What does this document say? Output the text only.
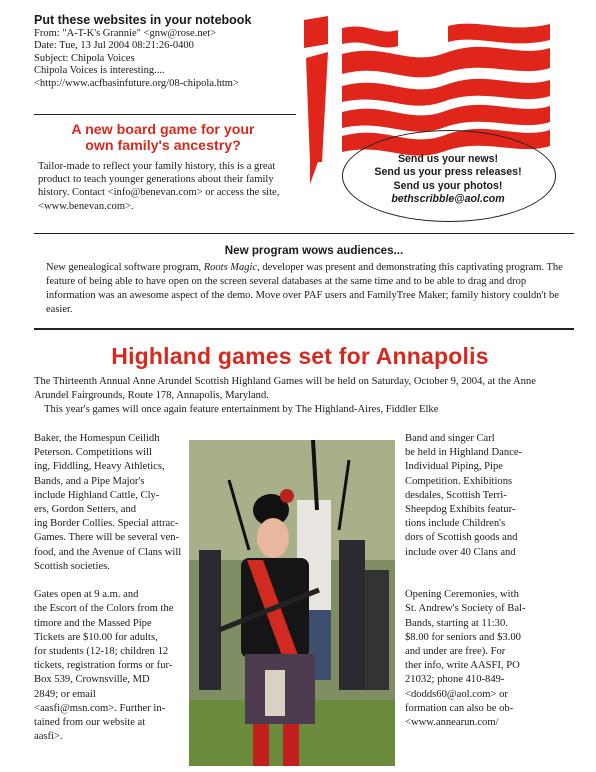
Put these websites in your notebook
From: "A-T-K's Grannie" <gnw@rose.net>
Date: Tue, 13 Jul 2004 08:21:26-0400
Subject: Chipola Voices
Chipola Voices is interesting....
<http://www.acfbasinfuture.org/08-chipola.htm>
A new board game for your
own family's ancestry?
Tailor-made to reflect your family history, this is a great product to teach younger generations about their family history. Contact <info@benevan.com> or access the site, <www.benevan.com>.
Send us your news!
Send us your press releases!
Send us your photos!
bethscribble@aol.com
New program wows audiences...
New genealogical software program, Roots Magic, developer was present and demonstrating this captivating program. The feature of being able to have open on the screen several databases at the same time and to be able to drag and drop information was an awesome aspect of the demo. Move over PAF users and FamilyTree Maker; family history couldn't be easier.
Highland games set for Annapolis

The Thirteenth Annual Anne Arundel Scottish Highland Games will be held on Saturday, October 9, 2004, at the Anne Arundel Fairgrounds, Route 178, Annapolis, Maryland.

This year's games will once again feature entertainment by The Highland-Aires, Fiddler Elke

Baker, the Homespun Ceilidh
Peterson. Competitions will
ing, Fiddling, Heavy Athletics,
Bands, and a Pipe Major's
include Highland Cattle, Cly-
ers, Gordon Setters, and
ing Border Collies. Special attrac-
Games. There will be several ven-
food, and the Avenue of Clans will
Scottish societies.

Gates open at 9 a.m. and
the Escort of the Colors from the
timore and the Massed Pipe
Tickets are $10.00 for adults,
for students (12-18; children 12
tickets, registration forms or fur-
Box 539, Crownsville, MD
2849; or email
<aasfi@msn.com>. Further in-
tained from our website at
aasfi>.
Band and singer Carl
be held in Highland Dance-
Individual Piping, Pipe
Competition. Exhibitions
desdales, Scottish Terri-
Sheepdog Exhibits featur-
tions include Children's
dors of Scottish goods and
include over 40 Clans and

Opening Ceremonies, with
St. Andrew's Society of Bal-
Bands, starting at 11:30.
$8.00 for seniors and $3.00
and under are free). For
ther info, write AASFI, PO
21032; phone 410-849-
<dodds60@aol.com> or
formation can also be ob-
<www.annearun.com/
